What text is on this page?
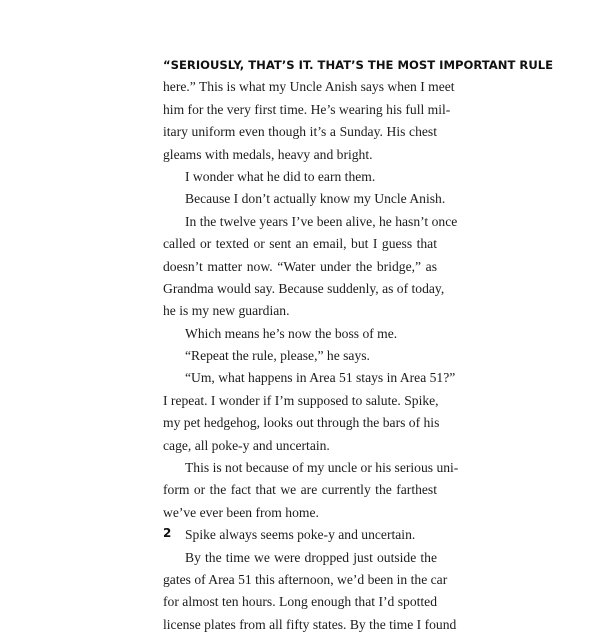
“SERIOUSLY, THAT’S IT. THAT’S THE MOST IMPORTANT RULE
here.” This is what my Uncle Anish says when I meet
him for the very first time. He’s wearing his full mil-
itary uniform even though it’s a Sunday. His chest
gleams with medals, heavy and bright.
I wonder what he did to earn them.
Because I don’t actually know my Uncle Anish.
In the twelve years I’ve been alive, he hasn’t once
called or texted or sent an email, but I guess that
doesn’t matter now. “Water under the bridge,” as
Grandma would say. Because suddenly, as of today,
he is my new guardian.
Which means he’s now the boss of me.
“Repeat the rule, please,” he says.
“Um, what happens in Area 51 stays in Area 51?”
I repeat. I wonder if I’m supposed to salute. Spike,
my pet hedgehog, looks out through the bars of his
cage, all poke-y and uncertain.
This is not because of my uncle or his serious uni-
form or the fact that we are currently the farthest
we’ve ever been from home.
Spike always seems poke-y and uncertain.
By the time we were dropped just outside the
gates of Area 51 this afternoon, we’d been in the car
for almost ten hours. Long enough that I’d spotted
license plates from all fifty states. By the time I found
2
